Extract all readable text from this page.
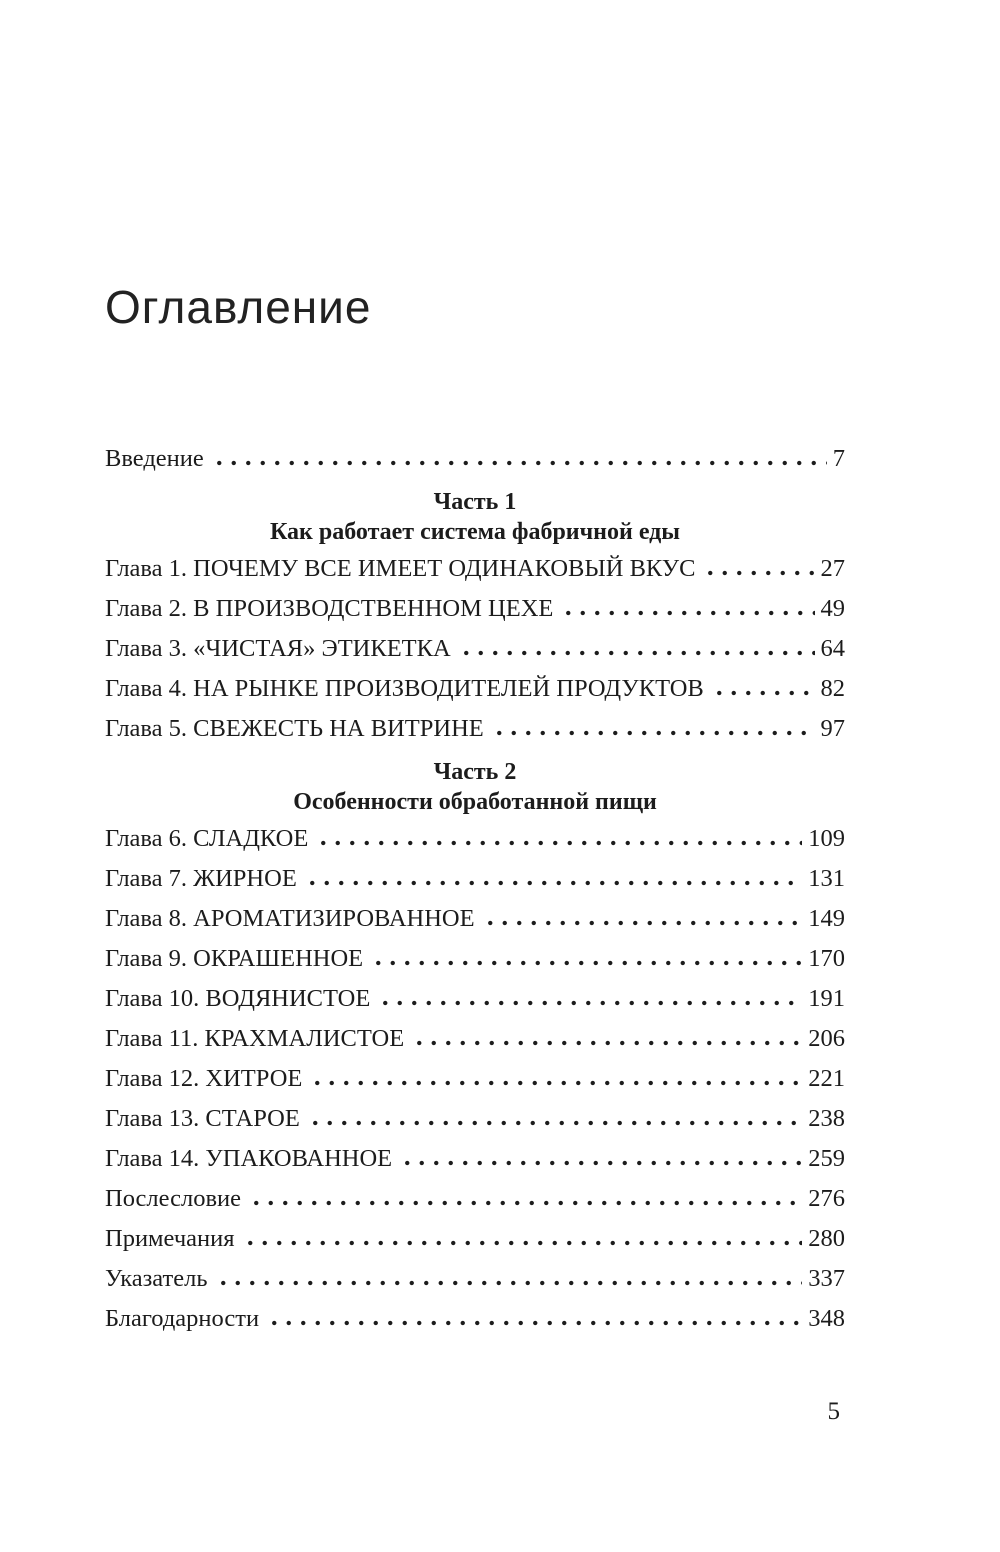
Оглавление
Введение	7
Часть 1
Как работает система фабричной еды
Глава 1. ПОЧЕМУ ВСЕ ИМЕЕТ ОДИНАКОВЫЙ ВКУС	27
Глава 2. В ПРОИЗВОДСТВЕННОМ ЦЕХЕ	49
Глава 3. «ЧИСТАЯ» ЭТИКЕТКА	64
Глава 4. НА РЫНКЕ ПРОИЗВОДИТЕЛЕЙ ПРОДУКТОВ	82
Глава 5. СВЕЖЕСТЬ НА ВИТРИНЕ	97
Часть 2
Особенности обработанной пищи
Глава 6. СЛАДКОЕ	109
Глава 7. ЖИРНОЕ	131
Глава 8. АРОМАТИЗИРОВАННОЕ	149
Глава 9. ОКРАШЕННОЕ	170
Глава 10. ВОДЯНИСТОЕ	191
Глава 11. КРАХМАЛИСТОЕ	206
Глава 12. ХИТРОЕ	221
Глава 13. СТАРОЕ	238
Глава 14. УПАКОВАННОЕ	259
Послесловие	276
Примечания	280
Указатель	337
Благодарности	348
5
